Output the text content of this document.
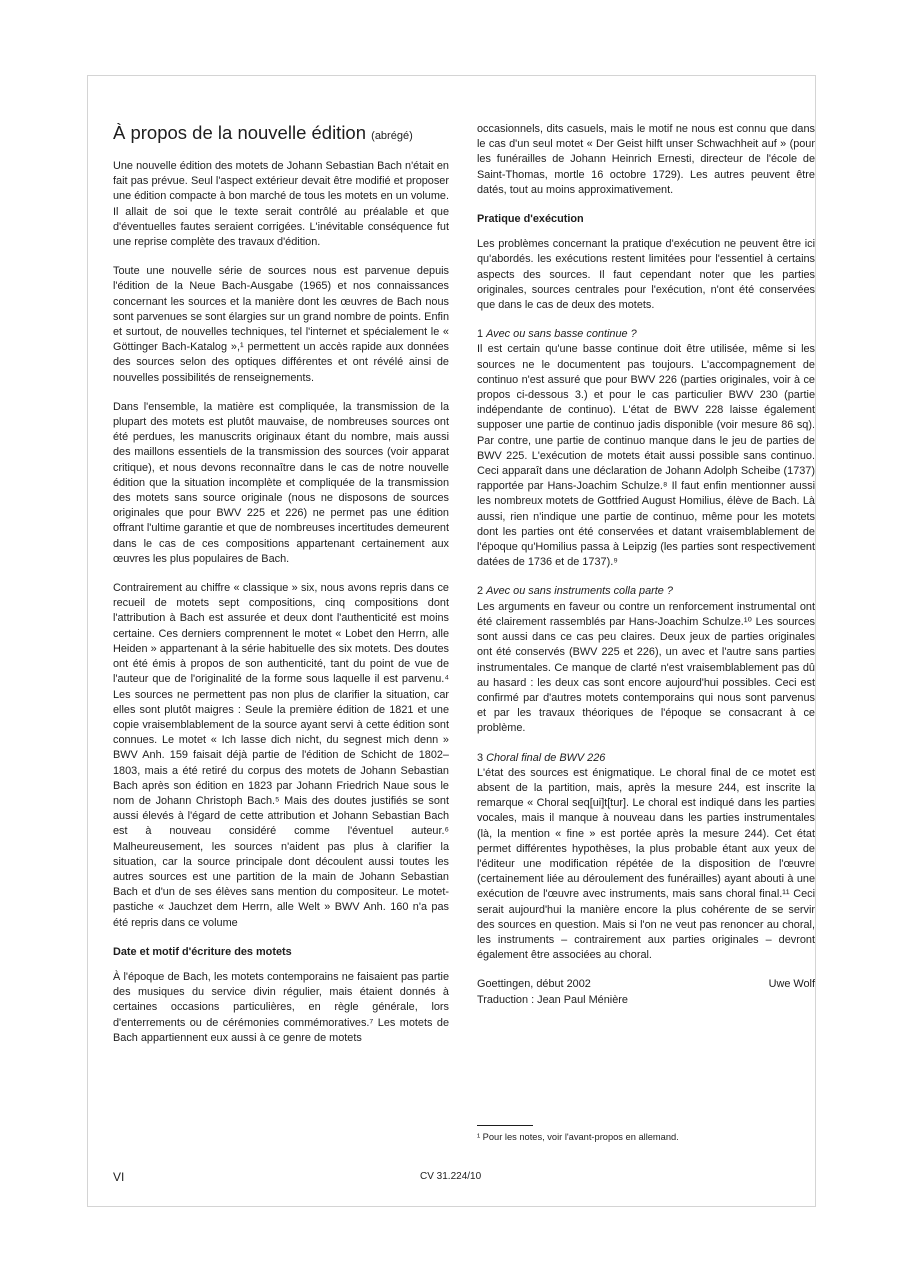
À propos de la nouvelle édition (abrégé)

Une nouvelle édition des motets de Johann Sebastian Bach n'était en fait pas prévue. Seul l'aspect extérieur devait être modifié et proposer une édition compacte à bon marché de tous les motets en un volume. Il allait de soi que le texte serait contrôlé au préalable et que d'éventuelles fautes seraient corrigées. L'inévitable conséquence fut une reprise complète des travaux d'édition.

Toute une nouvelle série de sources nous est parvenue depuis l'édition de la Neue Bach-Ausgabe (1965) et nos connaissances concernant les sources et la manière dont les œuvres de Bach nous sont parvenues se sont élargies sur un grand nombre de points. Enfin et surtout, de nouvelles techniques, tel l'internet et spécialement le « Göttinger Bach-Katalog »,¹ permettent un accès rapide aux données des sources selon des optiques différentes et ont révélé ainsi de nouvelles possibilités de renseignements.

Dans l'ensemble, la matière est compliquée, la transmission de la plupart des motets est plutôt mauvaise, de nombreuses sources ont été perdues, les manuscrits originaux étant du nombre, mais aussi des maillons essentiels de la transmission des sources (voir apparat critique), et nous devons reconnaître dans le cas de notre nouvelle édition que la situation incomplète et compliquée de la transmission des motets sans source originale (nous ne disposons de sources originales que pour BWV 225 et 226) ne permet pas une édition offrant l'ultime garantie et que de nombreuses incertitudes demeurent dans le cas de ces compositions appartenant certainement aux œuvres les plus populaires de Bach.

Contrairement au chiffre « classique » six, nous avons repris dans ce recueil de motets sept compositions, cinq compositions dont l'attribution à Bach est assurée et deux dont l'authenticité est moins certaine. Ces derniers comprennent le motet « Lobet den Herrn, alle Heiden » appartenant à la série habituelle des six motets. Des doutes ont été émis à propos de son authenticité, tant du point de vue de l'auteur que de l'originalité de la forme sous laquelle il est parvenu.⁴ Les sources ne permettent pas non plus de clarifier la situation, car elles sont plutôt maigres : Seule la première édition de 1821 et une copie vraisemblablement de la source ayant servi à cette édition sont connues. Le motet « Ich lasse dich nicht, du segnest mich denn » BWV Anh. 159 faisait déjà partie de l'édition de Schicht de 1802–1803, mais a été retiré du corpus des motets de Johann Sebastian Bach après son édition en 1823 par Johann Friedrich Naue sous le nom de Johann Christoph Bach.⁵ Mais des doutes justifiés se sont aussi élevés à l'égard de cette attribution et Johann Sebastian Bach est à nouveau considéré comme l'éventuel auteur.⁶ Malheureusement, les sources n'aident pas plus à clarifier la situation, car la source principale dont découlent aussi toutes les autres sources est une partition de la main de Johann Sebastian Bach et d'un de ses élèves sans mention du compositeur. Le motet-pastiche « Jauchzet dem Herrn, alle Welt » BWV Anh. 160 n'a pas été repris dans ce volume

Date et motif d'écriture des motets

À l'époque de Bach, les motets contemporains ne faisaient pas partie des musiques du service divin régulier, mais étaient donnés à certaines occasions particulières, en règle générale, lors d'enterrements ou de cérémonies commémoratives.⁷ Les motets de Bach appartiennent eux aussi à ce genre de motets

occasionnels, dits casuels, mais le motif ne nous est connu que dans le cas d'un seul motet « Der Geist hilft unser Schwachheit auf » (pour les funérailles de Johann Heinrich Ernesti, directeur de l'école de Saint-Thomas, mortle 16 octobre 1729). Les autres peuvent être datés, tout au moins approximativement.

Pratique d'exécution

Les problèmes concernant la pratique d'exécution ne peuvent être ici qu'abordés. les exécutions restent limitées pour l'essentiel à certains aspects des sources. Il faut cependant noter que les parties originales, sources centrales pour l'exécution, n'ont été conservées que dans le cas de deux des motets.

1 Avec ou sans basse continue ?
Il est certain qu'une basse continue doit être utilisée, même si les sources ne le documentent pas toujours. L'accompagnement de continuo n'est assuré que pour BWV 226 (parties originales, voir à ce propos ci-dessous 3.) et pour le cas particulier BWV 230 (partie indépendante de continuo). L'état de BWV 228 laisse également supposer une partie de continuo jadis disponible (voir mesure 86 sq). Par contre, une partie de continuo manque dans le jeu de parties de BWV 225. L'exécution de motets était aussi possible sans continuo. Ceci apparaît dans une déclaration de Johann Adolph Scheibe (1737) rapportée par Hans-Joachim Schulze.⁸ Il faut enfin mentionner aussi les nombreux motets de Gottfried August Homilius, élève de Bach. Là aussi, rien n'indique une partie de continuo, même pour les motets dont les parties ont été conservées et datant vraisemblablement de l'époque qu'Homilius passa à Leipzig (les parties sont respectivement datées de 1736 et de 1737).⁹

2 Avec ou sans instruments colla parte ?
Les arguments en faveur ou contre un renforcement instrumental ont été clairement rassemblés par Hans-Joachim Schulze.¹⁰ Les sources sont aussi dans ce cas peu claires. Deux jeux de parties originales ont été conservés (BWV 225 et 226), un avec et l'autre sans parties instrumentales. Ce manque de clarté n'est vraisemblablement pas dû au hasard : les deux cas sont encore aujourd'hui possibles. Ceci est confirmé par d'autres motets contemporains qui nous sont parvenus et par les travaux théoriques de l'époque se consacrant à ce problème.

3 Choral final de BWV 226
L'état des sources est énigmatique. Le choral final de ce motet est absent de la partition, mais, après la mesure 244, est inscrite la remarque « Choral seq[ui]t[tur]. Le choral est indiqué dans les parties vocales, mais il manque à nouveau dans les parties instrumentales (là, la mention « fine » est portée après la mesure 244). Cet état permet différentes hypothèses, la plus probable étant aux yeux de l'éditeur une modification répétée de la disposition de l'œuvre (certainement liée au déroulement des funérailles) ayant abouti à une exécution de l'œuvre avec instruments, mais sans choral final.¹¹ Ceci serait aujourd'hui la manière encore la plus cohérente de se servir des sources en question. Mais si l'on ne veut pas renoncer au choral, les instruments – contrairement aux parties originales – devront également être associées au choral.

Goettingen, début 2002	Uwe Wolf
Traduction : Jean Paul Ménière
¹ Pour les notes, voir l'avant-propos en allemand.
VI	CV 31.224/10
